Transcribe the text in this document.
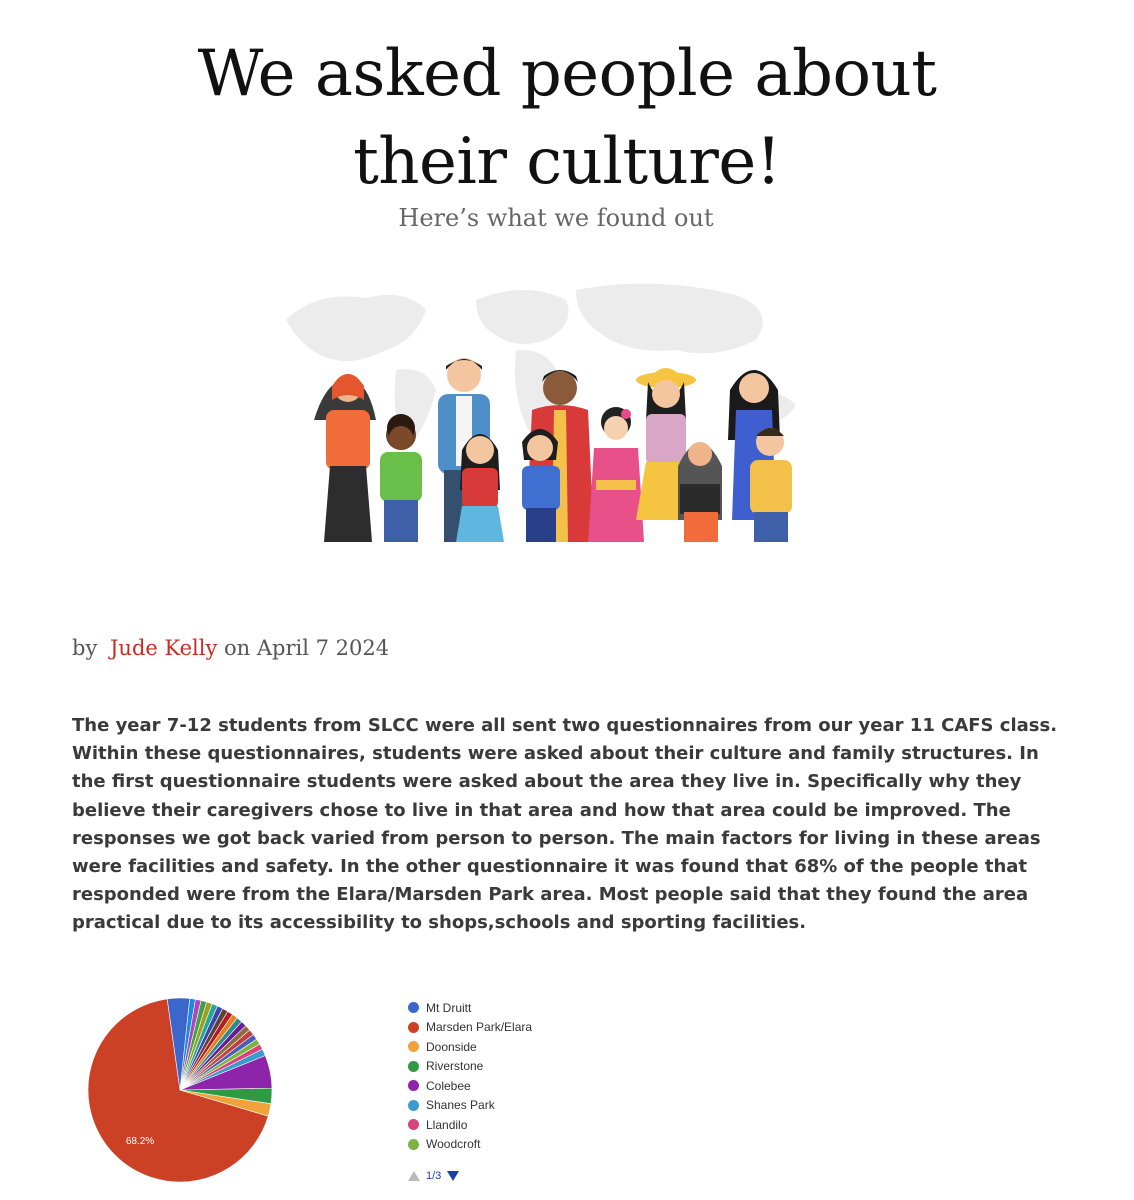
We asked people about
their culture!
Here’s what we found out
by Jude Kelly on April 7 2024

The year 7-12 students from SLCC were all sent two questionnaires from our year 11 CAFS class. Within these questionnaires, students were asked about their culture and family structures. In the first questionnaire students were asked about the area they live in. Specifically why they believe their caregivers chose to live in that area and how that area could be improved. The responses we got back varied from person to person. The main factors for living in these areas were facilities and safety. In the other questionnaire it was found that 68% of the people that responded were from the Elara/Marsden Park area. Most people said that they found the area practical due to its accessibility to shops,schools and sporting facilities.

68.2%
Mt Druitt
Marsden Park/Elara
Doonside
Riverstone
Colebee
Shanes Park
Llandilo
Woodcroft
1/3
